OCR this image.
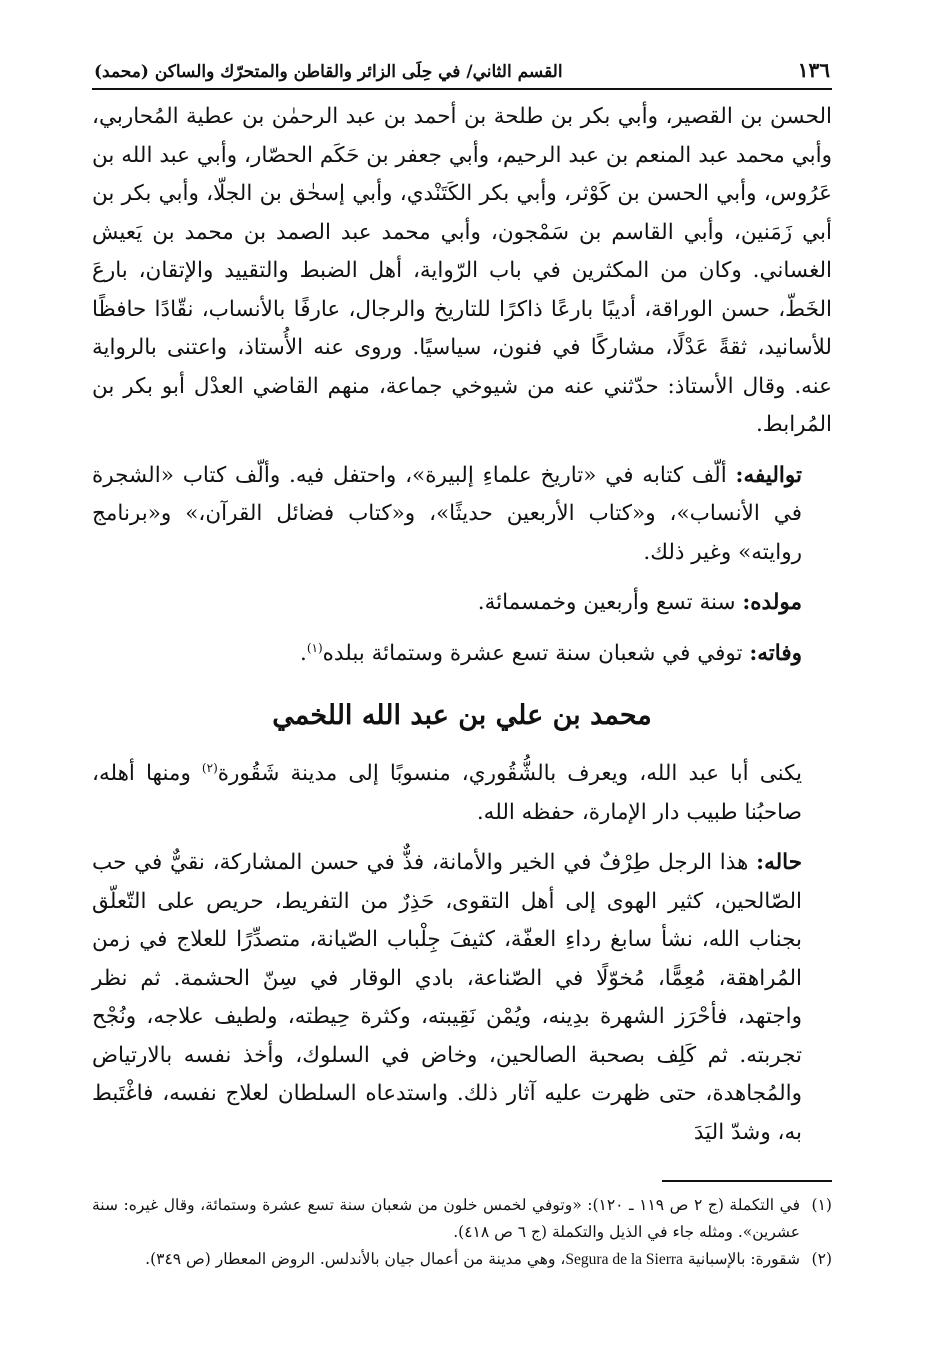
١٣٦
القسم الثاني/ في حِلَى الزائر والقاطن والمتحرّك والساكن (محمد)

الحسن بن القصير، وأبي بكر بن طلحة بن أحمد بن عبد الرحمٰن بن عطية المُحاربي، وأبي محمد عبد المنعم بن عبد الرحيم، وأبي جعفر بن حَكَم الحصّار، وأبي عبد الله بن عَرُوس، وأبي الحسن بن كَوْثر، وأبي بكر الكَتَنْدي، وأبي إسحٰق بن الجلّا، وأبي بكر بن أبي زَمَنين، وأبي القاسم بن سَمْجون، وأبي محمد عبد الصمد بن محمد بن يَعيش الغساني. وكان من المكثرين في باب الرّواية، أهل الضبط والتقييد والإتقان، بارعَ الخَطّ، حسن الوراقة، أديبًا بارعًا ذاكرًا للتاريخ والرجال، عارفًا بالأنساب، نقّادًا حافظًا للأسانيد، ثقةً عَدْلًا، مشاركًا في فنون، سياسيًا. وروى عنه الأُستاذ، واعتنى بالرواية عنه. وقال الأستاذ: حدّثني عنه من شيوخي جماعة، منهم القاضي العدْل أبو بكر بن المُرابط.

تواليفه: ألّف كتابه في «تاريخ علماءِ إلبيرة»، واحتفل فيه. وألّف كتاب «الشجرة في الأنساب»، و«كتاب الأربعين حديثًا»، و«كتاب فضائل القرآن،» و«برنامج روايته» وغير ذلك.

مولده: سنة تسع وأربعين وخمسمائة.

وفاته: توفي في شعبان سنة تسع عشرة وستمائة ببلده$^{(١)}$.

محمد بن علي بن عبد الله اللخمي

يكنى أبا عبد الله، ويعرف بالشُّقُوري، منسوبًا إلى مدينة شَقُورة$^{(٢)}$ ومنها أهله، صاحبُنا طبيب دار الإمارة، حفظه الله.

حاله: هذا الرجل طِرْفٌ في الخير والأمانة، فذٌّ في حسن المشاركة، نقيٌّ في حب الصّالحين، كثير الهوى إلى أهل التقوى، حَذِرٌ من التفريط، حريص على التّعلّق بجناب الله، نشأ سابغ رداءِ العفّة، كثيفَ جِلْباب الصّيانة، متصدِّرًا للعلاج في زمن المُراهقة، مُعِمًّا، مُخوّلًا في الصّناعة، بادي الوقار في سِنّ الحشمة. ثم نظر واجتهد، فأحْرَز الشهرة بدِينه، ويُمْن نَقِيبته، وكثرة حِيطته، ولطيف علاجه، ونُجْح تجربته. ثم كَلِف بصحبة الصالحين، وخاض في السلوك، وأخذ نفسه بالارتياض والمُجاهدة، حتى ظهرت عليه آثار ذلك. واستدعاه السلطان لعلاج نفسه، فاغْتَبط به، وشدّ اليَدَ

(١)في التكملة (ج ٢ ص ١١٩ ـ ١٢٠): «وتوفي لخمس خلون من شعبان سنة تسع عشرة وستمائة، وقال غيره: سنة عشرين». ومثله جاء في الذيل والتكملة (ج ٦ ص ٤١٨).

(٢)شقورة: بالإسبانية Segura de la Sierra، وهي مدينة من أعمال جيان بالأندلس. الروض المعطار (ص ٣٤٩).
